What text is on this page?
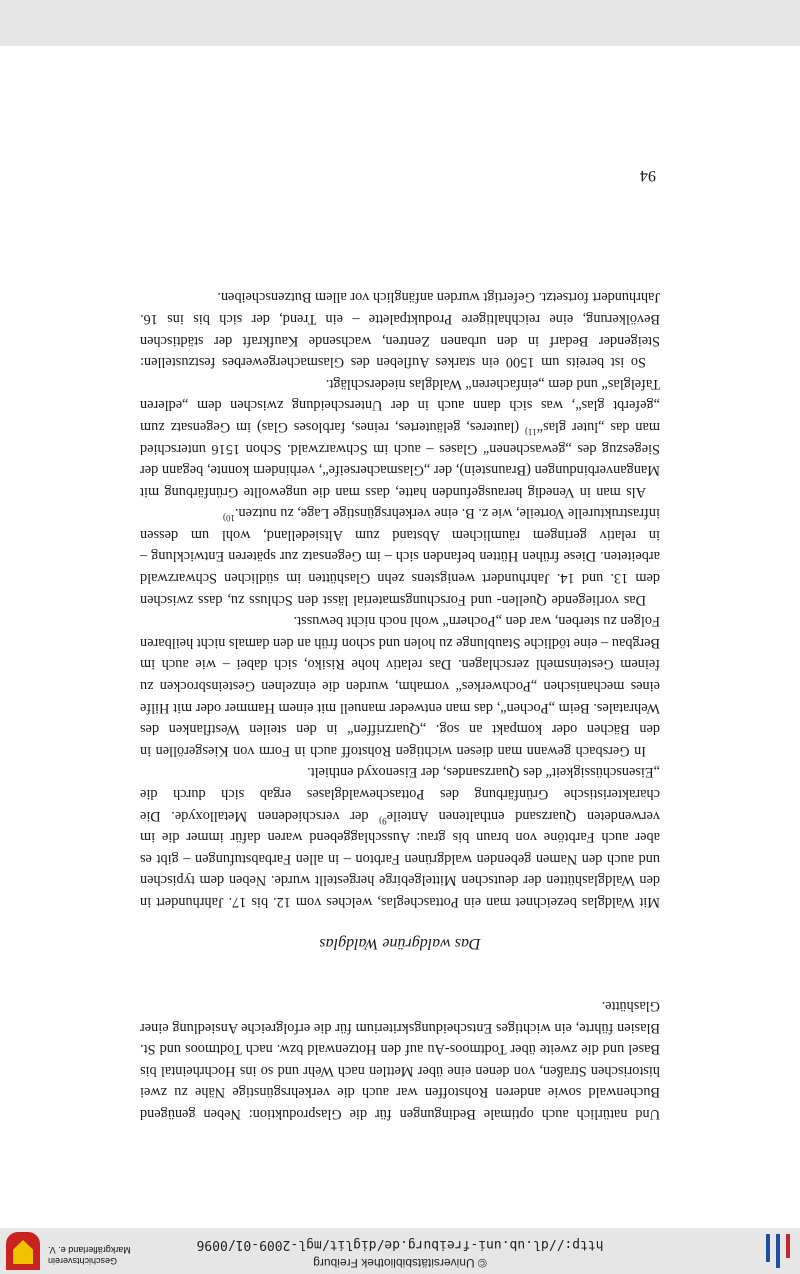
© Universitätsbibliothek Freiburg
http://dl.ub.uni-freiburg.de/diglit/mgl-2009-01/0096
Geschichtsverein
Markgräflerland e. V.

Und natürlich auch optimale Bedingungen für die Glasproduktion: Neben genügend Buchenwald sowie anderen Rohstoffen war auch die verkehrsgünstige Nähe zu zwei historischen Straßen, von denen eine über Mettlen nach Wehr und so ins Hochrheintal bis Basel und die zweite über Todtmoos-Au auf den Hotzenwald bzw. nach Todtmoos und St. Blasien führte, ein wichtiges Entscheidungskriterium für die erfolgreiche Ansiedlung einer Glashütte.

Das waldgrüne Waldglas

Mit Waldglas bezeichnet man ein Pottascheglas, welches vom 12. bis 17. Jahrhundert in den Waldglashütten der deutschen Mittelgebirge hergestellt wurde. Neben dem typischen und auch den Namen gebenden waldgrünen Farbton – in allen Farbabstufungen – gibt es aber auch Farbtöne von braun bis grau: Ausschlaggebend waren dafür immer die im verwendeten Quarzsand enthaltenen Anteile$^{9)}$ der verschiedenen Metalloxyde. Die charakteristische Grünfärbung des Pottaschewaldglases ergab sich durch die „Eisenschüssigkeit“ des Quarzsandes, der Eisenoxyd enthielt.

In Gersbach gewann man diesen wichtigen Rohstoff auch in Form von Kiesgeröllen in den Bächen oder kompakt an sog. „Quarzriffen“ in den steilen Westflanken des Wehratales. Beim „Pochen“, das man entweder manuell mit einem Hammer oder mit Hilfe eines mechanischen „Pochwerkes“ vornahm, wurden die einzelnen Gesteinsbrocken zu feinem Gesteinsmehl zerschlagen. Das relativ hohe Risiko, sich dabei – wie auch im Bergbau – eine tödliche Staublunge zu holen und schon früh an den damals nicht heilbaren Folgen zu sterben, war den „Pochern“ wohl noch nicht bewusst.

Das vorliegende Quellen- und Forschungsmaterial lässt den Schluss zu, dass zwischen dem 13. und 14. Jahrhundert wenigstens zehn Glashütten im südlichen Schwarzwald arbeiteten. Diese frühen Hütten befanden sich – im Gegensatz zur späteren Entwicklung – in relativ geringem räumlichem Abstand zum Altsiedelland, wohl um dessen infrastrukturelle Vorteile, wie z. B. eine verkehrsgünstige Lage, zu nutzen.$^{10)}$

Als man in Venedig herausgefunden hatte, dass man die ungewollte Grünfärbung mit Manganverbindungen (Braunstein), der „Glasmacherseife“, verhindern konnte, begann der Siegeszug des „gewaschenen“ Glases – auch im Schwarzwald. Schon 1516 unterschied man das „luter glas“$^{11)}$ (lauteres, geläutertes, reines, farbloses Glas) im Gegensatz zum „geferbt glas“, was sich dann auch in der Unterscheidung zwischen dem „edleren Tafelglas“ und dem „einfacheren“ Waldglas niederschlägt.

So ist bereits um 1500 ein starkes Aufleben des Glasmachergewerbes festzustellen: Steigender Bedarf in den urbanen Zentren, wachsende Kaufkraft der städtischen Bevölkerung, eine reichhaltigere Produktpalette – ein Trend, der sich bis ins 16. Jahrhundert fortsetzt. Gefertigt wurden anfänglich vor allem Butzenscheiben.

94
